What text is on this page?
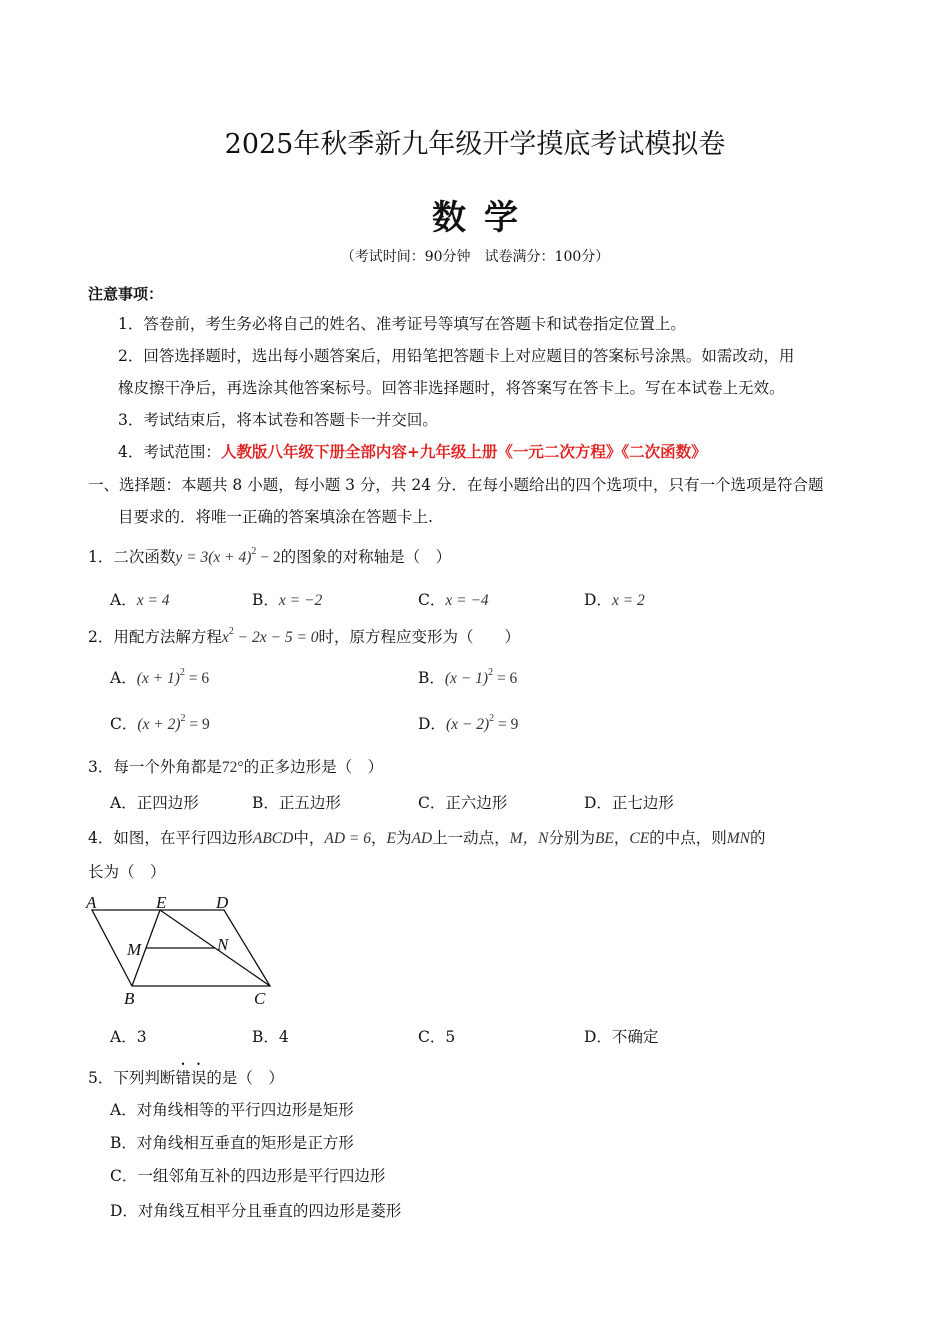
2025年秋季新九年级开学摸底考试模拟卷
数学
（考试时间：90分钟　试卷满分：100分）
注意事项：
1．答卷前，考生务必将自己的姓名、准考证号等填写在答题卡和试卷指定位置上。
2．回答选择题时，选出每小题答案后，用铅笔把答题卡上对应题目的答案标号涂黑。如需改动，用
橡皮擦干净后，再选涂其他答案标号。回答非选择题时，将答案写在答卡上。写在本试卷上无效。
3．考试结束后，将本试卷和答题卡一并交回。
4．考试范围：人教版八年级下册全部内容+九年级上册《一元二次方程》《二次函数》
一、选择题：本题共 8 小题，每小题 3 分，共 24 分．在每小题给出的四个选项中，只有一个选项是符合题
目要求的．将唯一正确的答案填涂在答题卡上.
1．二次函数$y = 3(x + 4)^2 - 2$的图象的对称轴是（　）
A．x = 4	B．x = −2	C．x = −4	D．x = 2
2．用配方法解方程$x^2 - 2x - 5 = 0$时，原方程应变形为（　　）
A．$(x + 1)^2 = 6$	B．$(x - 1)^2 = 6$
C．$(x + 2)^2 = 9$	D．$(x - 2)^2 = 9$
3．每一个外角都是72°的正多边形是（　）
A．正四边形	B．正五边形	C．正六边形	D．正七边形
4．如图，在平行四边形ABCD中，AD = 6，E为AD上一动点，M，N分别为BE，CE的中点，则MN的
长为（　）
A	E	D
M	N
B	C
A．3	B．4	C．5	D．不确定
5．下列判断错误的是（　）
A．对角线相等的平行四边形是矩形
B．对角线相互垂直的矩形是正方形
C．一组邻角互补的四边形是平行四边形
D．对角线互相平分且垂直的四边形是菱形
